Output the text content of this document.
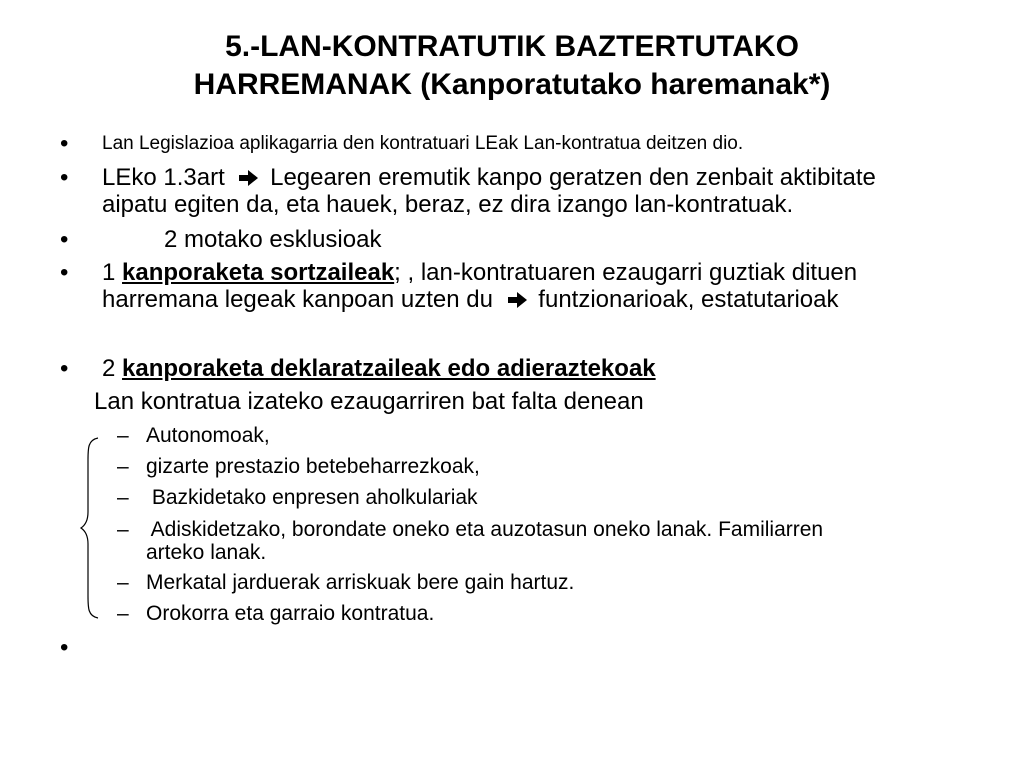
5.-LAN-KONTRATUTIK BAZTERTUTAKO
HARREMANAK (Kanporatutako haremanak*)
• Lan Legislazioa aplikagarria den kontratuari LEak Lan-kontratua deitzen dio.
• LEko 1.3art Legearen eremutik kanpo geratzen den zenbait aktibitate
aipatu egiten da, eta hauek, beraz, ez dira izango lan-kontratuak.
•	2 motako esklusioak
• 1 kanporaketa sortzaileak; , lan-kontratuaren ezaugarri guztiak dituen
harremana legeak kanpoan uzten du funtzionarioak, estatutarioak
• 2 kanporaketa deklaratzaileak edo adieraztekoak
Lan kontratua izateko ezaugarriren bat falta denean
– Autonomoak,
– gizarte prestazio betebeharrezkoak,
– Bazkidetako enpresen aholkulariak
– Adiskidetzako, borondate oneko eta auzotasun oneko lanak. Familiarren
arteko lanak.
– Merkatal jarduerak arriskuak bere gain hartuz.
– Orokorra eta garraio kontratua.
•
